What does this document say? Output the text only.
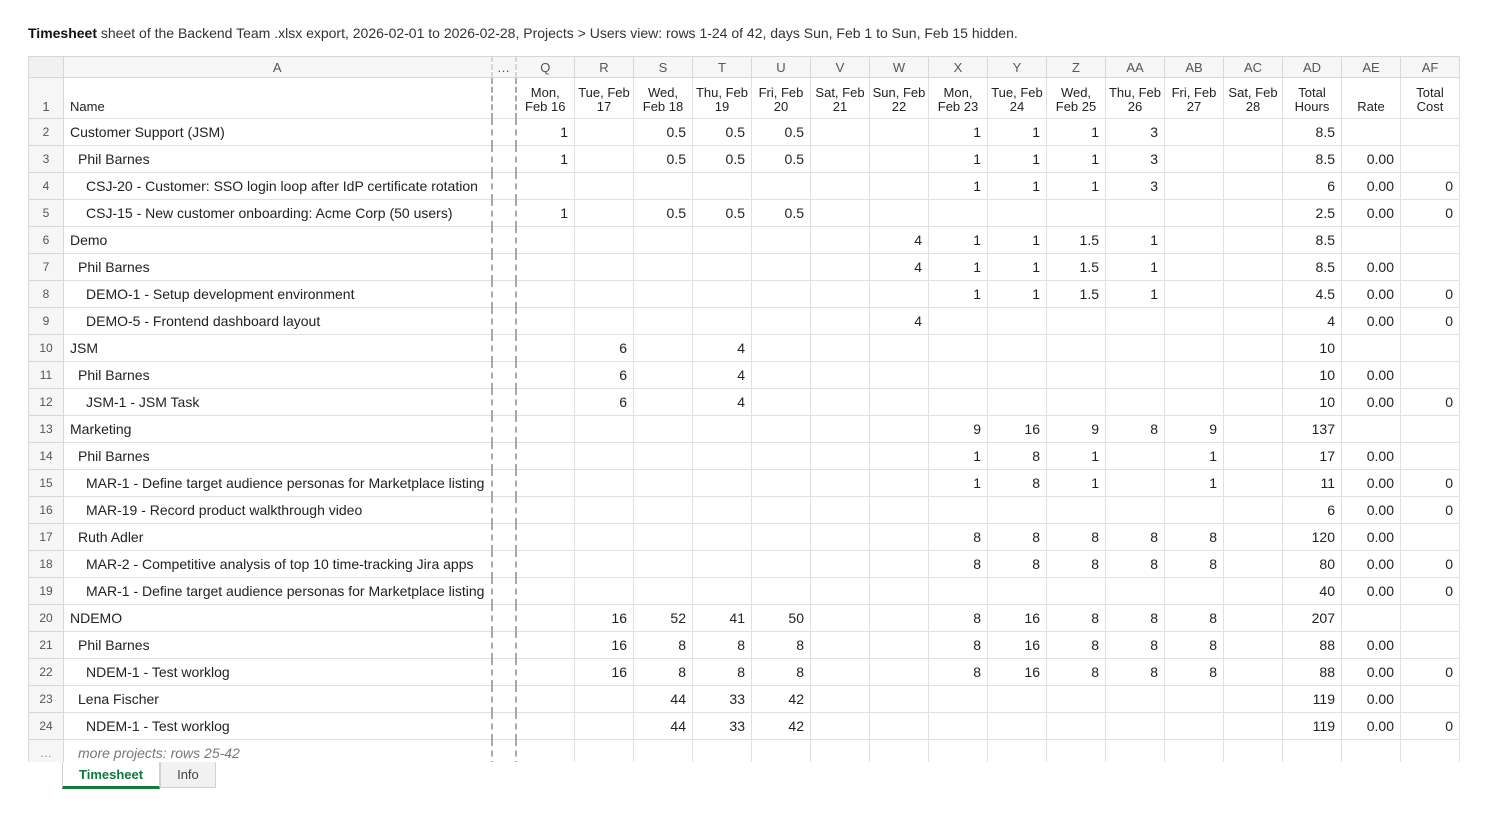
Timesheet sheet of the Backend Team .xlsx export, 2026-02-01 to 2026-02-28, Projects > Users view: rows 1-24 of 42, days Sun, Feb 1 to Sun, Feb 15 hidden.
	A	…	Q	R	S	T	U	V	W	X	Y	Z	AA	AB	AC	AD	AE	AF
1	Name		Mon, Feb 16	Tue, Feb 17	Wed, Feb 18	Thu, Feb 19	Fri, Feb 20	Sat, Feb 21	Sun, Feb 22	Mon, Feb 23	Tue, Feb 24	Wed, Feb 25	Thu, Feb 26	Fri, Feb 27	Sat, Feb 28	Total Hours	Rate	Total Cost
2	Customer Support (JSM)		1		0.5	0.5	0.5			1	1	1	3			8.5		
3	Phil Barnes		1		0.5	0.5	0.5			1	1	1	3			8.5	0.00	
4	CSJ-20 - Customer: SSO login loop after IdP certificate rotation									1	1	1	3			6	0.00	0
5	CSJ-15 - New customer onboarding: Acme Corp (50 users)		1		0.5	0.5	0.5									2.5	0.00	0
6	Demo								4	1	1	1.5	1			8.5		
7	Phil Barnes								4	1	1	1.5	1			8.5	0.00	
8	DEMO-1 - Setup development environment									1	1	1.5	1			4.5	0.00	0
9	DEMO-5 - Frontend dashboard layout								4							4	0.00	0
10	JSM			6		4										10		
11	Phil Barnes			6		4										10	0.00	
12	JSM-1 - JSM Task			6		4										10	0.00	0
13	Marketing									9	16	9	8	9		137		
14	Phil Barnes									1	8	1		1		17	0.00	
15	MAR-1 - Define target audience personas for Marketplace listing									1	8	1		1		11	0.00	0
16	MAR-19 - Record product walkthrough video															6	0.00	0
17	Ruth Adler									8	8	8	8	8		120	0.00	
18	MAR-2 - Competitive analysis of top 10 time-tracking Jira apps									8	8	8	8	8		80	0.00	0
19	MAR-1 - Define target audience personas for Marketplace listing															40	0.00	0
20	NDEMO			16	52	41	50			8	16	8	8	8		207		
21	Phil Barnes			16	8	8	8			8	16	8	8	8		88	0.00	
22	NDEM-1 - Test worklog			16	8	8	8			8	16	8	8	8		88	0.00	0
23	Lena Fischer				44	33	42									119	0.00	
24	NDEM-1 - Test worklog				44	33	42									119	0.00	0
…	more projects: rows 25-42																	
Timesheet	Info
